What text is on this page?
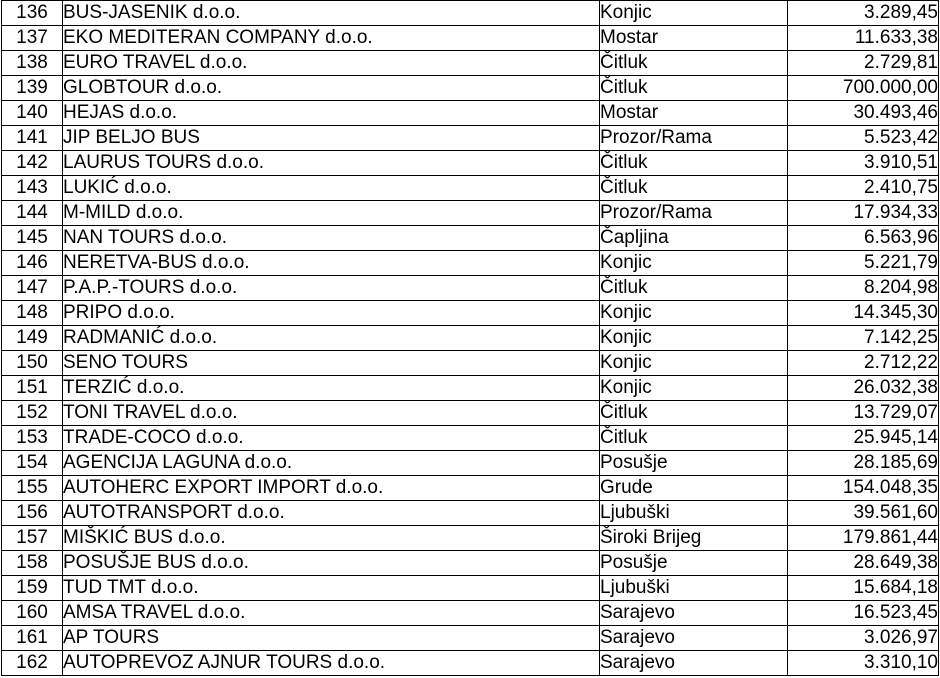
136	BUS-JASENIK d.o.o.	Konjic	3.289,45
137	EKO MEDITERAN COMPANY d.o.o.	Mostar	11.633,38
138	EURO TRAVEL d.o.o.	Čitluk	2.729,81
139	GLOBTOUR d.o.o.	Čitluk	700.000,00
140	HEJAS d.o.o.	Mostar	30.493,46
141	JIP BELJO BUS	Prozor/Rama	5.523,42
142	LAURUS TOURS d.o.o.	Čitluk	3.910,51
143	LUKIĆ d.o.o.	Čitluk	2.410,75
144	M-MILD d.o.o.	Prozor/Rama	17.934,33
145	NAN TOURS d.o.o.	Čapljina	6.563,96
146	NERETVA-BUS d.o.o.	Konjic	5.221,79
147	P.A.P.-TOURS d.o.o.	Čitluk	8.204,98
148	PRIPO d.o.o.	Konjic	14.345,30
149	RADMANIĆ d.o.o.	Konjic	7.142,25
150	SENO TOURS	Konjic	2.712,22
151	TERZIĆ d.o.o.	Konjic	26.032,38
152	TONI TRAVEL d.o.o.	Čitluk	13.729,07
153	TRADE-COCO d.o.o.	Čitluk	25.945,14
154	AGENCIJA LAGUNA d.o.o.	Posušje	28.185,69
155	AUTOHERC EXPORT IMPORT d.o.o.	Grude	154.048,35
156	AUTOTRANSPORT d.o.o.	Ljubuški	39.561,60
157	MIŠKIĆ BUS d.o.o.	Široki Brijeg	179.861,44
158	POSUŠJE BUS d.o.o.	Posušje	28.649,38
159	TUD TMT d.o.o.	Ljubuški	15.684,18
160	AMSA TRAVEL d.o.o.	Sarajevo	16.523,45
161	AP TOURS	Sarajevo	3.026,97
162	AUTOPREVOZ AJNUR TOURS d.o.o.	Sarajevo	3.310,10
